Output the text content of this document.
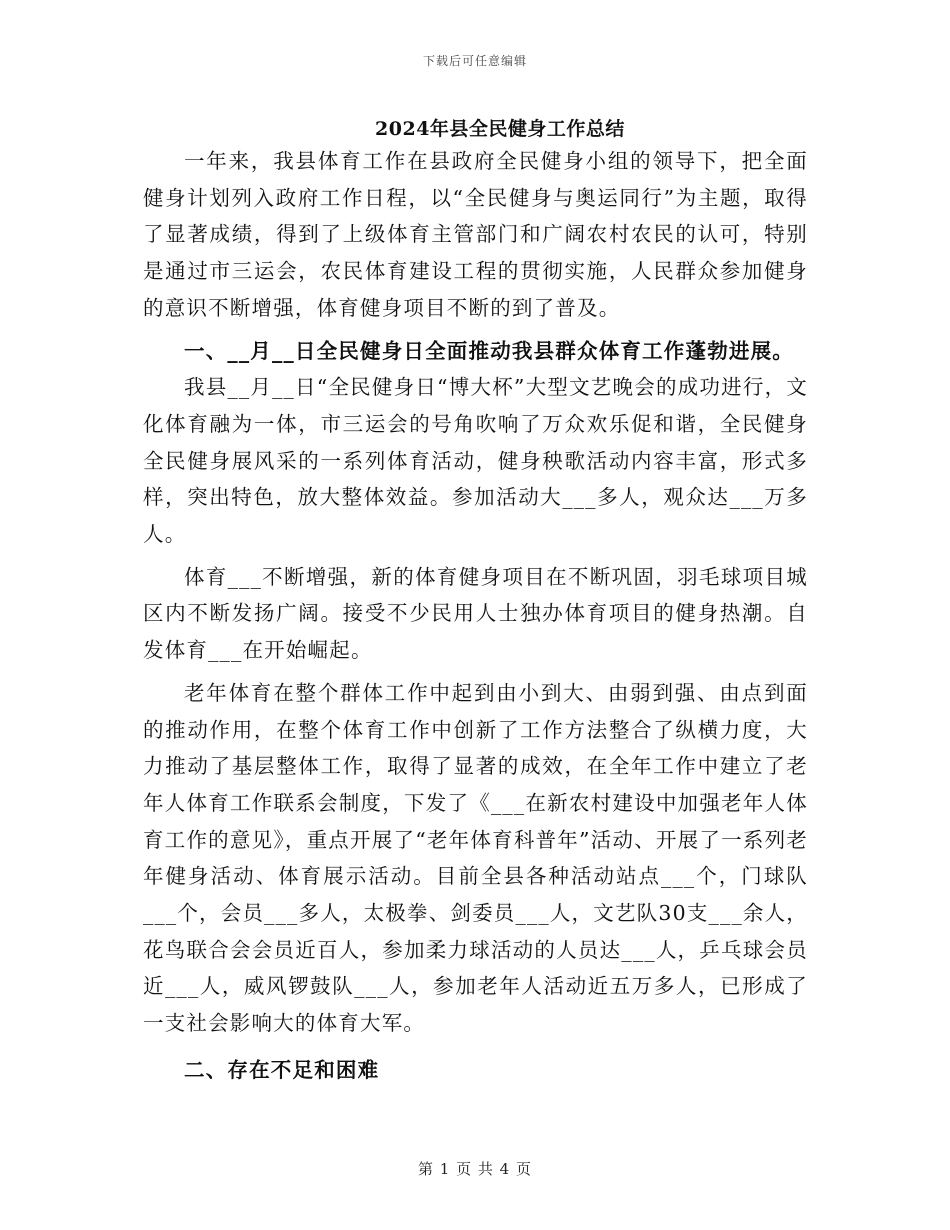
下载后可任意编辑
2024年县全民健身工作总结

一年来，我县体育工作在县政府全民健身小组的领导下，把全面健身计划列入政府工作日程，以“全民健身与奥运同行”为主题，取得了显著成绩，得到了上级体育主管部门和广阔农村农民的认可，特别是通过市三运会，农民体育建设工程的贯彻实施，人民群众参加健身的意识不断增强，体育健身项目不断的到了普及。

一、__月__日全民健身日全面推动我县群众体育工作蓬勃进展。

我县__月__日“全民健身日“博大杯”大型文艺晚会的成功进行，文化体育融为一体，市三运会的号角吹响了万众欢乐促和谐，全民健身全民健身展风采的一系列体育活动，健身秧歌活动内容丰富，形式多样，突出特色，放大整体效益。参加活动大___多人，观众达___万多人。

体育___不断增强，新的体育健身项目在不断巩固，羽毛球项目城区内不断发扬广阔。接受不少民用人士独办体育项目的健身热潮。自发体育___在开始崛起。

老年体育在整个群体工作中起到由小到大、由弱到强、由点到面的推动作用，在整个体育工作中创新了工作方法整合了纵横力度，大力推动了基层整体工作，取得了显著的成效，在全年工作中建立了老年人体育工作联系会制度，下发了《___在新农村建设中加强老年人体育工作的意见》，重点开展了“老年体育科普年”活动、开展了一系列老年健身活动、体育展示活动。目前全县各种活动站点___个，门球队___个，会员___多人，太极拳、剑委员___人，文艺队30支___余人，花鸟联合会会员近百人，参加柔力球活动的人员达___人，乒乓球会员近___人，威风锣鼓队___人，参加老年人活动近五万多人，已形成了一支社会影响大的体育大军。

二、存在不足和困难

第 1 页 共 4 页
